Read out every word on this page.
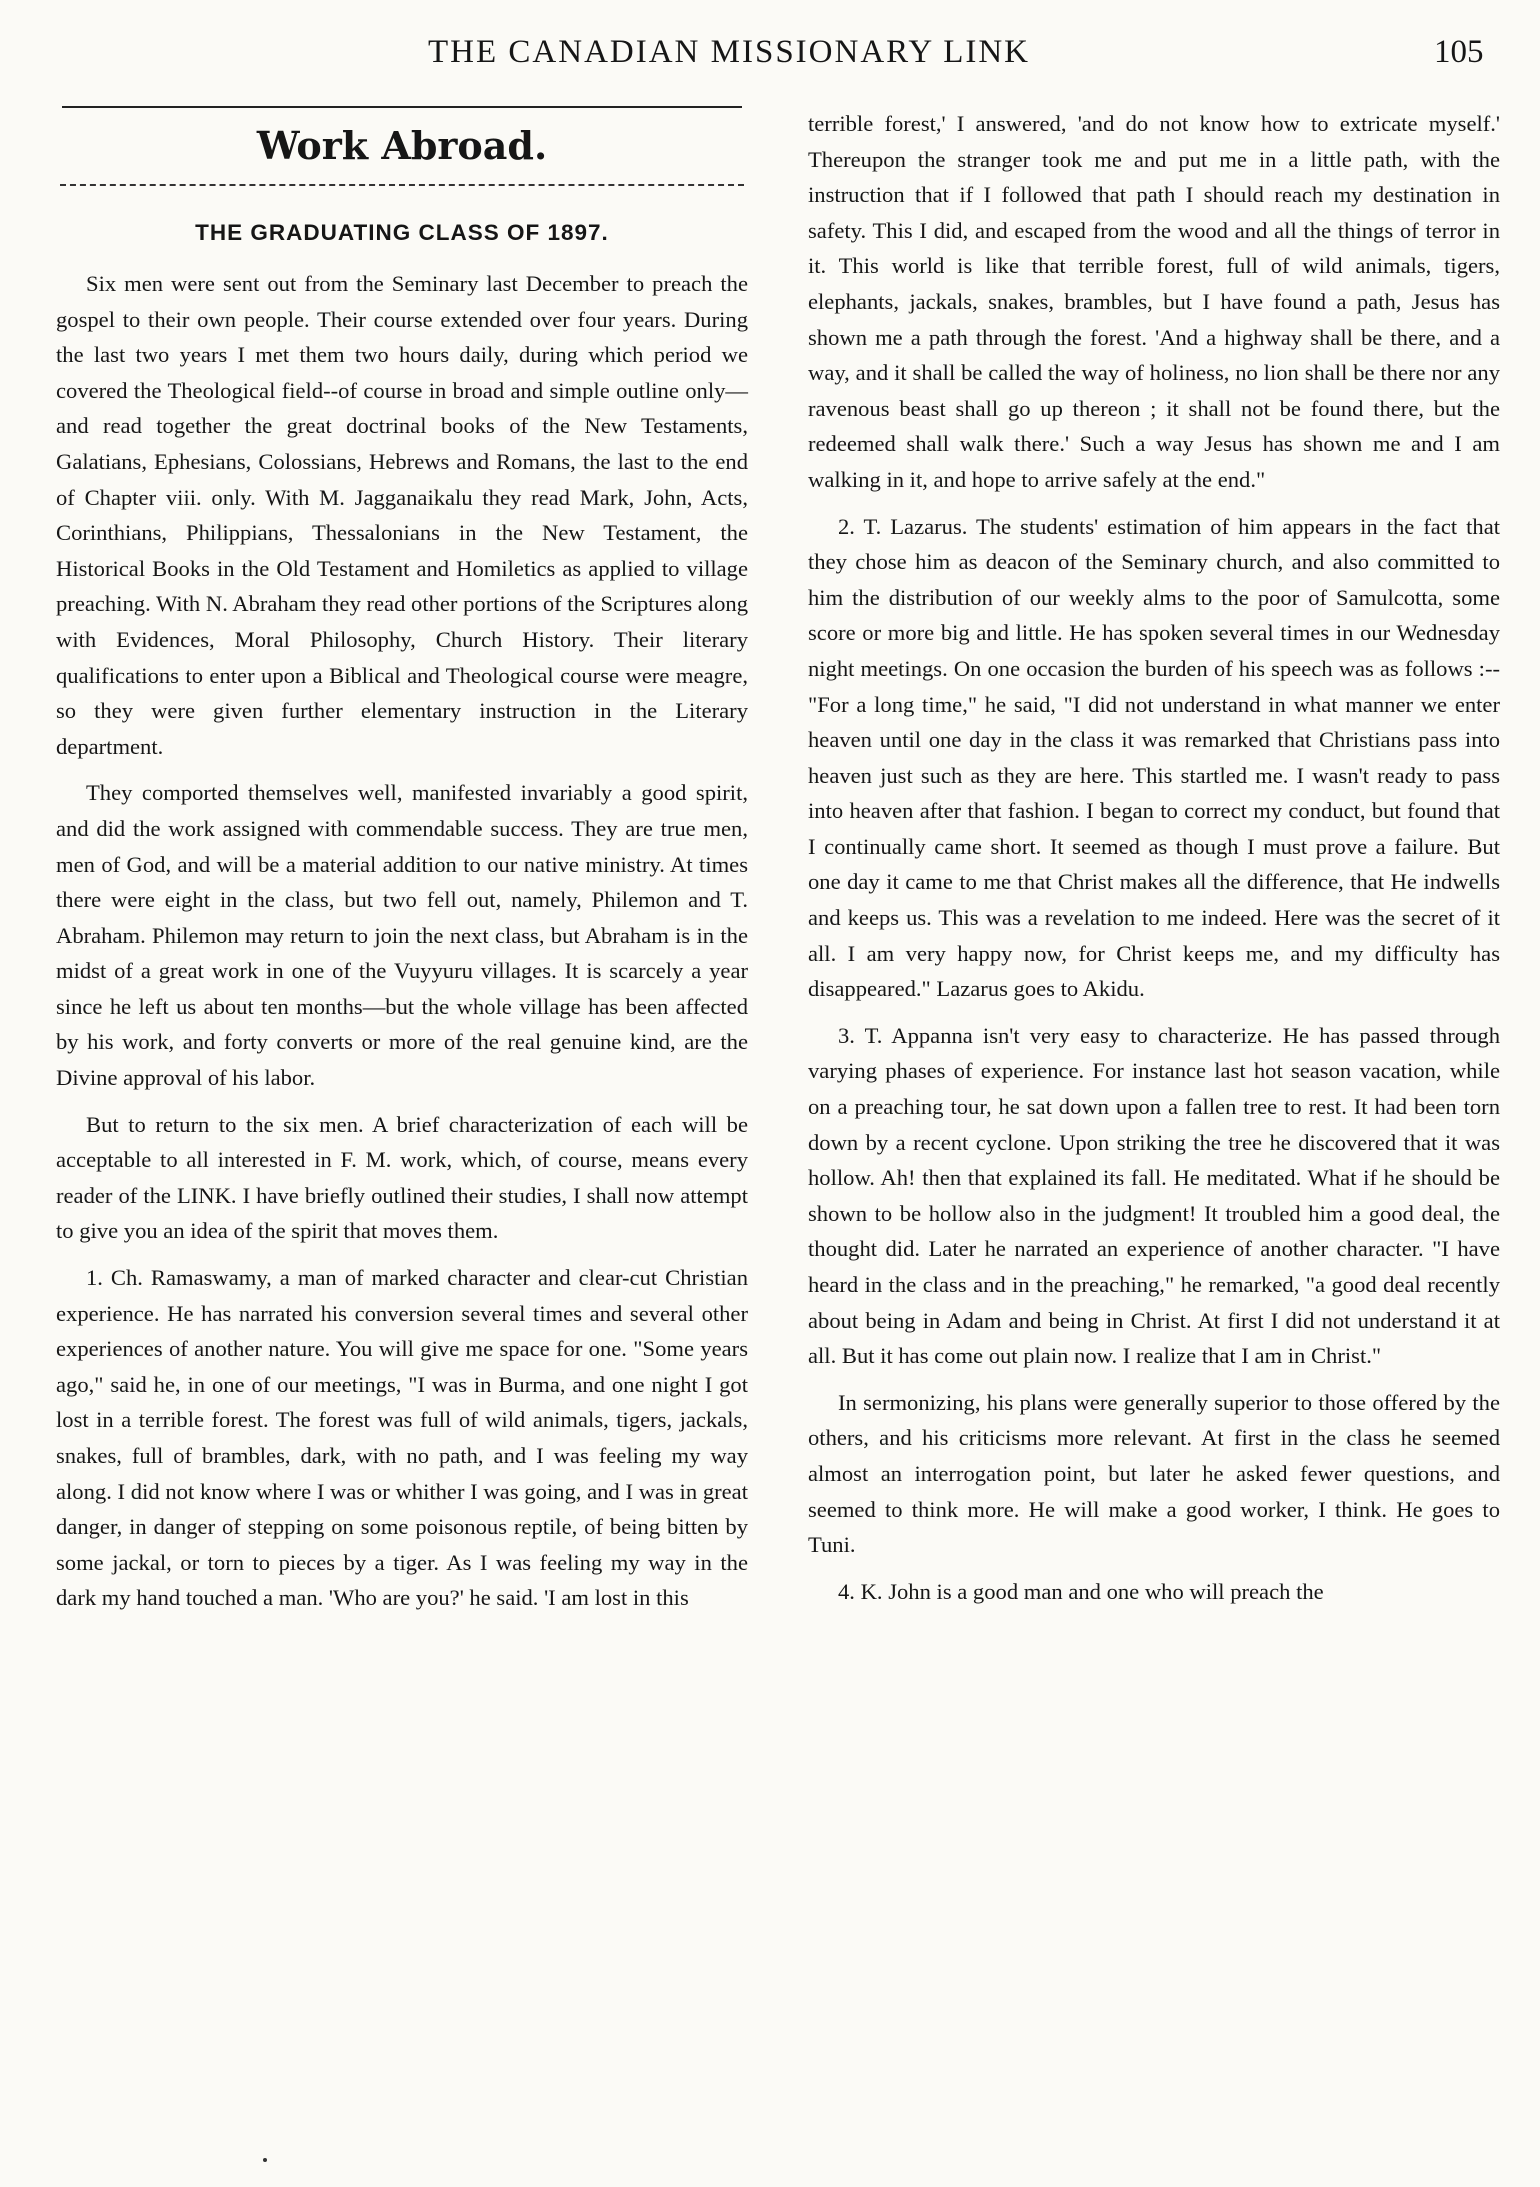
THE CANADIAN MISSIONARY LINK	105
Work Abroad.
THE GRADUATING CLASS OF 1897.

Six men were sent out from the Seminary last December to preach the gospel to their own people. Their course extended over four years. During the last two years I met them two hours daily, during which period we covered the Theological field--of course in broad and simple outline only—and read together the great doctrinal books of the New Testaments, Galatians, Ephesians, Colossians, Hebrews and Romans, the last to the end of Chapter viii. only. With M. Jagganaikalu they read Mark, John, Acts, Corinthians, Philippians, Thessalonians in the New Testament, the Historical Books in the Old Testament and Homiletics as applied to village preaching. With N. Abraham they read other portions of the Scriptures along with Evidences, Moral Philosophy, Church History. Their literary qualifications to enter upon a Biblical and Theological course were meagre, so they were given further elementary instruction in the Literary department.

They comported themselves well, manifested invariably a good spirit, and did the work assigned with commendable success. They are true men, men of God, and will be a material addition to our native ministry. At times there were eight in the class, but two fell out, namely, Philemon and T. Abraham. Philemon may return to join the next class, but Abraham is in the midst of a great work in one of the Vuyyuru villages. It is scarcely a year since he left us about ten months—but the whole village has been affected by his work, and forty converts or more of the real genuine kind, are the Divine approval of his labor.

But to return to the six men. A brief characterization of each will be acceptable to all interested in F. M. work, which, of course, means every reader of the LINK. I have briefly outlined their studies, I shall now attempt to give you an idea of the spirit that moves them.

1. Ch. Ramaswamy, a man of marked character and clear-cut Christian experience. He has narrated his conversion several times and several other experiences of another nature. You will give me space for one. "Some years ago," said he, in one of our meetings, "I was in Burma, and one night I got lost in a terrible forest. The forest was full of wild animals, tigers, jackals, snakes, full of brambles, dark, with no path, and I was feeling my way along. I did not know where I was or whither I was going, and I was in great danger, in danger of stepping on some poisonous reptile, of being bitten by some jackal, or torn to pieces by a tiger. As I was feeling my way in the dark my hand touched a man. 'Who are you?' he said. 'I am lost in this

terrible forest,' I answered, 'and do not know how to extricate myself.' Thereupon the stranger took me and put me in a little path, with the instruction that if I followed that path I should reach my destination in safety. This I did, and escaped from the wood and all the things of terror in it. This world is like that terrible forest, full of wild animals, tigers, elephants, jackals, snakes, brambles, but I have found a path, Jesus has shown me a path through the forest. 'And a highway shall be there, and a way, and it shall be called the way of holiness, no lion shall be there nor any ravenous beast shall go up thereon ; it shall not be found there, but the redeemed shall walk there.' Such a way Jesus has shown me and I am walking in it, and hope to arrive safely at the end."

2. T. Lazarus. The students' estimation of him appears in the fact that they chose him as deacon of the Seminary church, and also committed to him the distribution of our weekly alms to the poor of Samulcotta, some score or more big and little. He has spoken several times in our Wednesday night meetings. On one occasion the burden of his speech was as follows :-- "For a long time," he said, "I did not understand in what manner we enter heaven until one day in the class it was remarked that Christians pass into heaven just such as they are here. This startled me. I wasn't ready to pass into heaven after that fashion. I began to correct my conduct, but found that I continually came short. It seemed as though I must prove a failure. But one day it came to me that Christ makes all the difference, that He indwells and keeps us. This was a revelation to me indeed. Here was the secret of it all. I am very happy now, for Christ keeps me, and my difficulty has disappeared." Lazarus goes to Akidu.

3. T. Appanna isn't very easy to characterize. He has passed through varying phases of experience. For instance last hot season vacation, while on a preaching tour, he sat down upon a fallen tree to rest. It had been torn down by a recent cyclone. Upon striking the tree he discovered that it was hollow. Ah! then that explained its fall. He meditated. What if he should be shown to be hollow also in the judgment! It troubled him a good deal, the thought did. Later he narrated an experience of another character. "I have heard in the class and in the preaching," he remarked, "a good deal recently about being in Adam and being in Christ. At first I did not understand it at all. But it has come out plain now. I realize that I am in Christ."

In sermonizing, his plans were generally superior to those offered by the others, and his criticisms more relevant. At first in the class he seemed almost an interrogation point, but later he asked fewer questions, and seemed to think more. He will make a good worker, I think. He goes to Tuni.

4. K. John is a good man and one who will preach the
